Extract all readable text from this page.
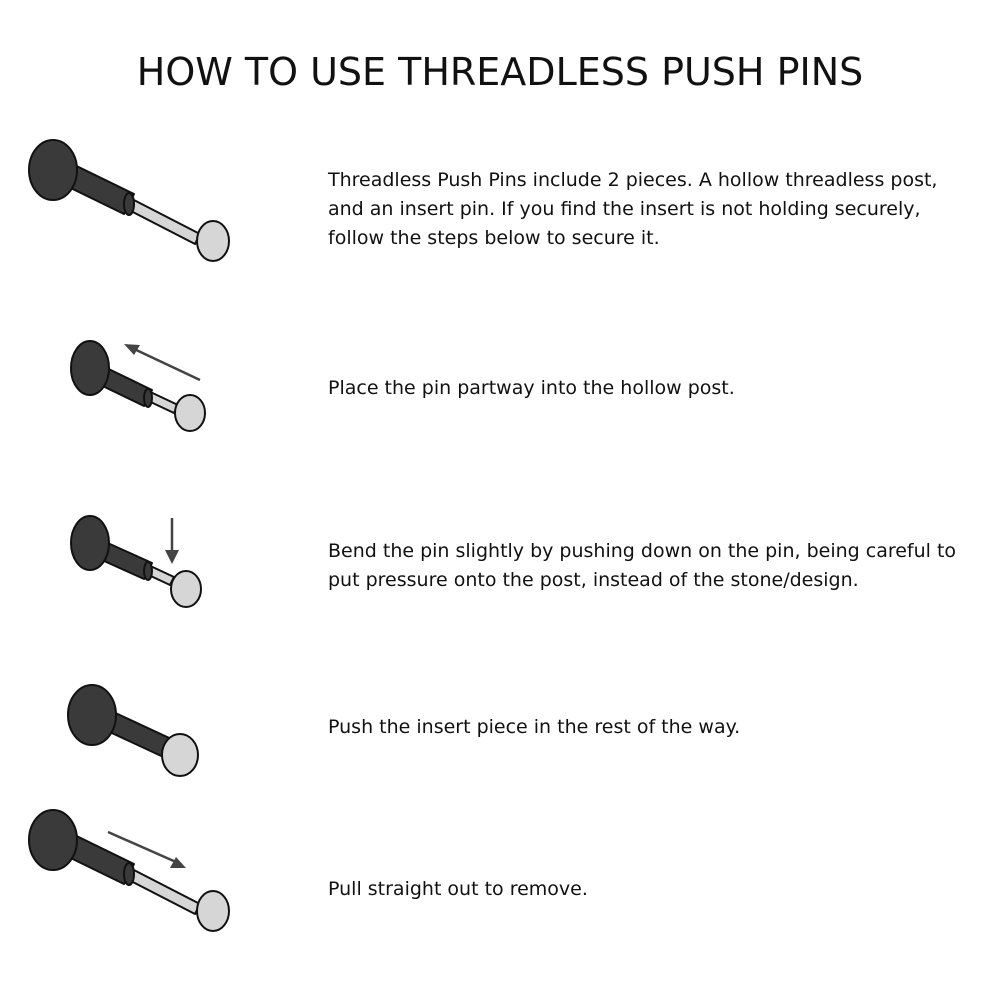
HOW TO USE THREADLESS PUSH PINS

Threadless Push Pins include 2 pieces. A hollow threadless post, and an insert pin. If you find the insert is not holding securely, follow the steps below to secure it.

Place the pin partway into the hollow post.

Bend the pin slightly by pushing down on the pin, being careful to put pressure onto the post, instead of the stone/design.

Push the insert piece in the rest of the way.

Pull straight out to remove.
